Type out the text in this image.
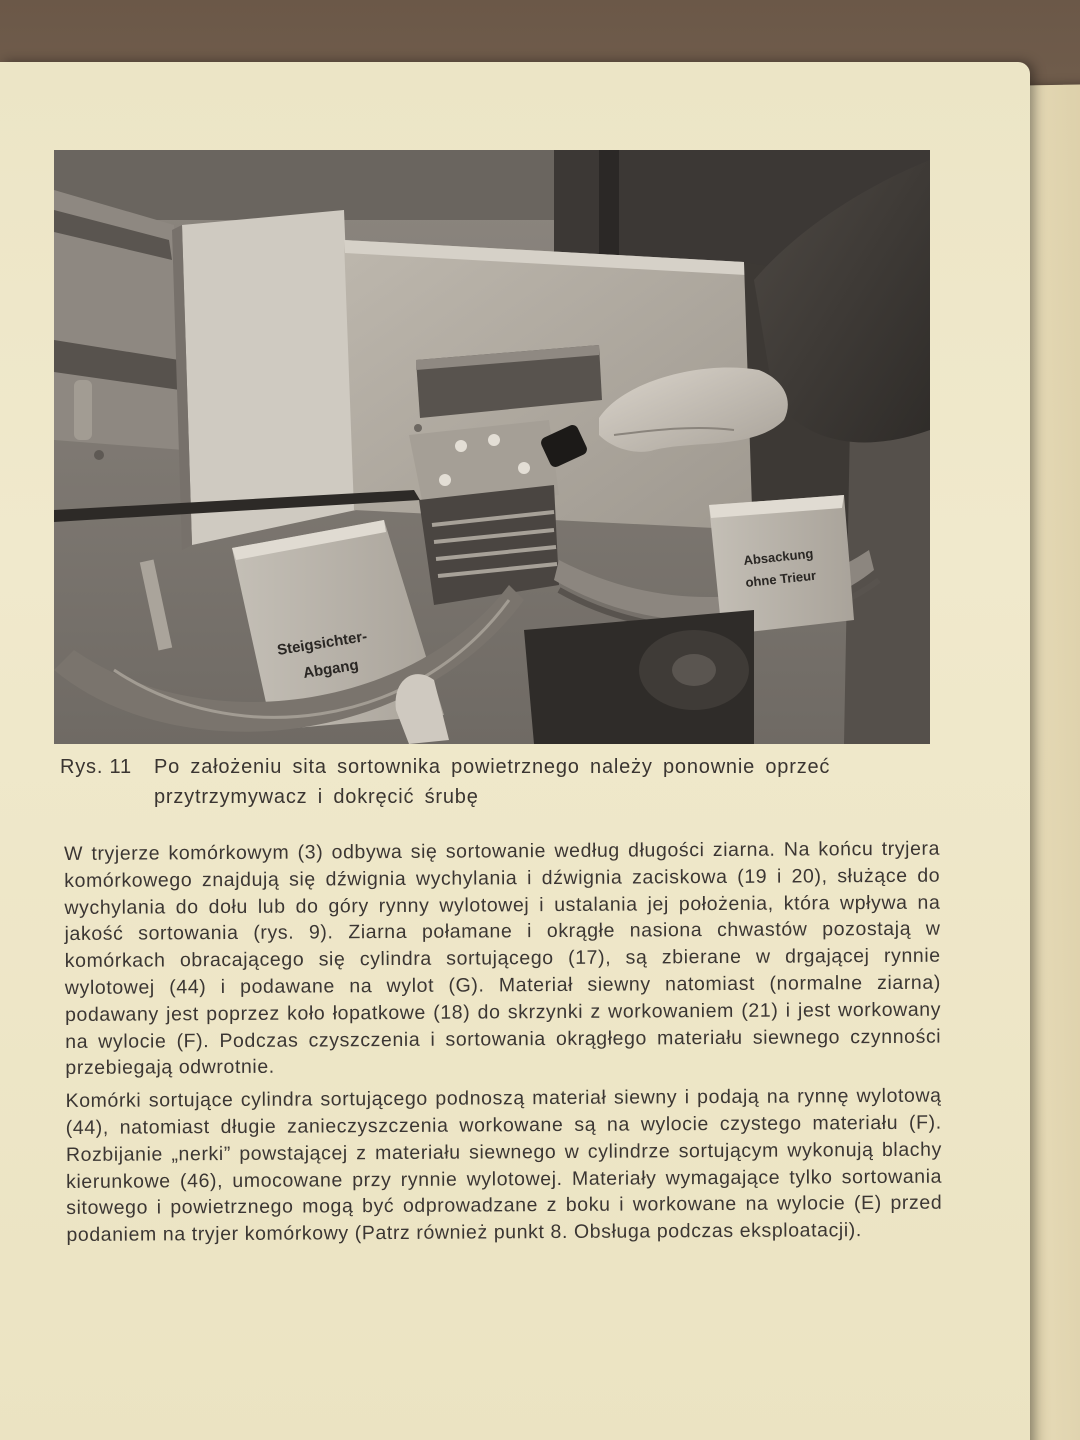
Steigsichter-
Abgang
Absackung
ohne Trieur
Rys. 11 Po założeniu sita sortownika powietrznego należy ponownie oprzeć przytrzymywacz i dokręcić śrubę

W tryjerze komórkowym (3) odbywa się sortowanie według długości ziarna. Na końcu tryjera komórkowego znajdują się dźwignia wychylania i dźwignia zaciskowa (19 i 20), służące do wychylania do dołu lub do góry rynny wylotowej i ustalania jej położenia, która wpływa na jakość sortowania (rys. 9). Ziarna połamane i okrągłe nasiona chwastów pozostają w komórkach obracającego się cylindra sortującego (17), są zbierane w drgającej rynnie wylotowej (44) i podawane na wylot (G). Materiał siewny natomiast (normalne ziarna) podawany jest poprzez koło łopatkowe (18) do skrzynki z workowaniem (21) i jest workowany na wylocie (F). Podczas czyszczenia i sortowania okrągłego materiału siewnego czynności przebiegają odwrotnie.

Komórki sortujące cylindra sortującego podnoszą materiał siewny i podają na rynnę wylotową (44), natomiast długie zanieczyszczenia workowane są na wylocie czystego materiału (F). Rozbijanie „nerki” powstającej z materiału siewnego w cylindrze sortującym wykonują blachy kierunkowe (46), umocowane przy rynnie wylotowej. Materiały wymagające tylko sortowania sitowego i powietrznego mogą być odprowadzane z boku i workowane na wylocie (E) przed podaniem na tryjer komórkowy (Patrz również punkt 8. Obsługa podczas eksploatacji).
